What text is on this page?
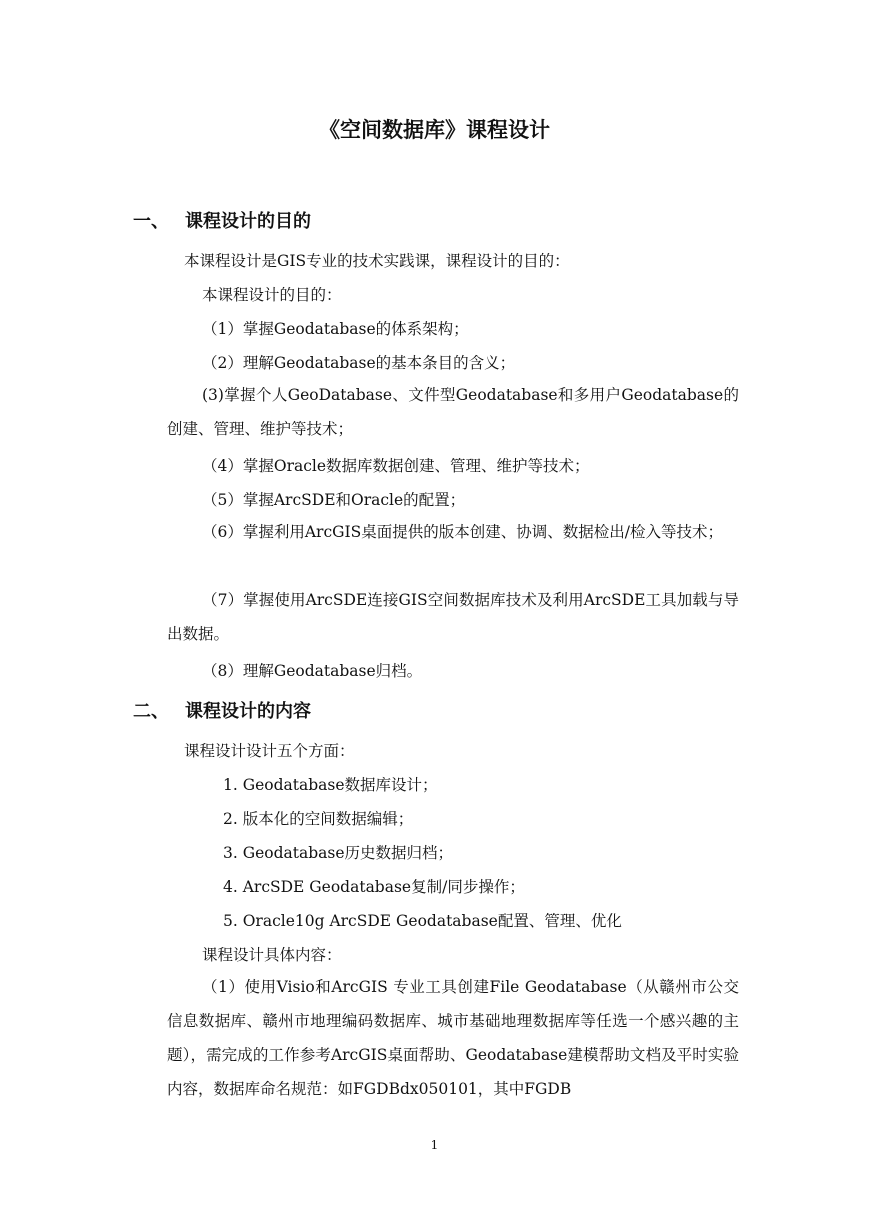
《空间数据库》课程设计
一、 课程设计的目的
本课程设计是GIS专业的技术实践课，课程设计的目的：
本课程设计的目的：
（1）掌握Geodatabase的体系架构；
（2）理解Geodatabase的基本条目的含义；
(3)掌握个人GeoDatabase、文件型Geodatabase和多用户Geodatabase的创建、管理、维护等技术；
（4）掌握Oracle数据库数据创建、管理、维护等技术；
（5）掌握ArcSDE和Oracle的配置；
（6）掌握利用ArcGIS桌面提供的版本创建、协调、数据检出/检入等技术；
（7）掌握使用ArcSDE连接GIS空间数据库技术及利用ArcSDE工具加载与导出数据。
（8）理解Geodatabase归档。
二、 课程设计的内容
课程设计设计五个方面：
1. Geodatabase数据库设计；
2. 版本化的空间数据编辑；
3. Geodatabase历史数据归档；
4. ArcSDE Geodatabase复制/同步操作；
5. Oracle10g ArcSDE Geodatabase配置、管理、优化
课程设计具体内容：
（1）使用Visio和ArcGIS 专业工具创建File Geodatabase（从赣州市公交信息数据库、赣州市地理编码数据库、城市基础地理数据库等任选一个感兴趣的主题），需完成的工作参考ArcGIS桌面帮助、Geodatabase建模帮助文档及平时实验内容，数据库命名规范：如FGDBdx050101，其中FGDB
1
